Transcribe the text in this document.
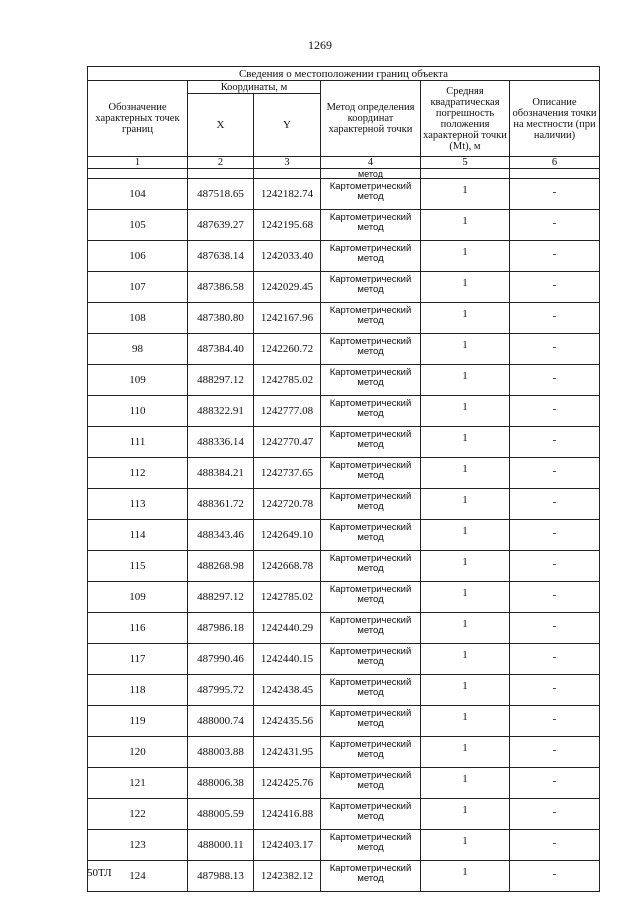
1269
Сведения о местоположении границ объекта					
Обозначение характерных точек границ	Координаты, м		Метод определения координат характерной точки	Средняя квадратическая погрешность положения характерной точки (Mt), м	Описание обозначения точки на местности (при наличии)
	X	Y			
1	2	3	4	5	6
			метод		
104	487518.65	1242182.74	Картометрический метод	1	-
105	487639.27	1242195.68	Картометрический метод	1	-
106	487638.14	1242033.40	Картометрический метод	1	-
107	487386.58	1242029.45	Картометрический метод	1	-
108	487380.80	1242167.96	Картометрический метод	1	-
98	487384.40	1242260.72	Картометрический метод	1	-
109	488297.12	1242785.02	Картометрический метод	1	-
110	488322.91	1242777.08	Картометрический метод	1	-
111	488336.14	1242770.47	Картометрический метод	1	-
112	488384.21	1242737.65	Картометрический метод	1	-
113	488361.72	1242720.78	Картометрический метод	1	-
114	488343.46	1242649.10	Картометрический метод	1	-
115	488268.98	1242668.78	Картометрический метод	1	-
109	488297.12	1242785.02	Картометрический метод	1	-
116	487986.18	1242440.29	Картометрический метод	1	-
117	487990.46	1242440.15	Картометрический метод	1	-
118	487995.72	1242438.45	Картометрический метод	1	-
119	488000.74	1242435.56	Картометрический метод	1	-
120	488003.88	1242431.95	Картометрический метод	1	-
121	488006.38	1242425.76	Картометрический метод	1	-
122	488005.59	1242416.88	Картометрический метод	1	-
123	488000.11	1242403.17	Картометрический метод	1	-
124	487988.13	1242382.12	Картометрический метод	1	-
50ТЛ
